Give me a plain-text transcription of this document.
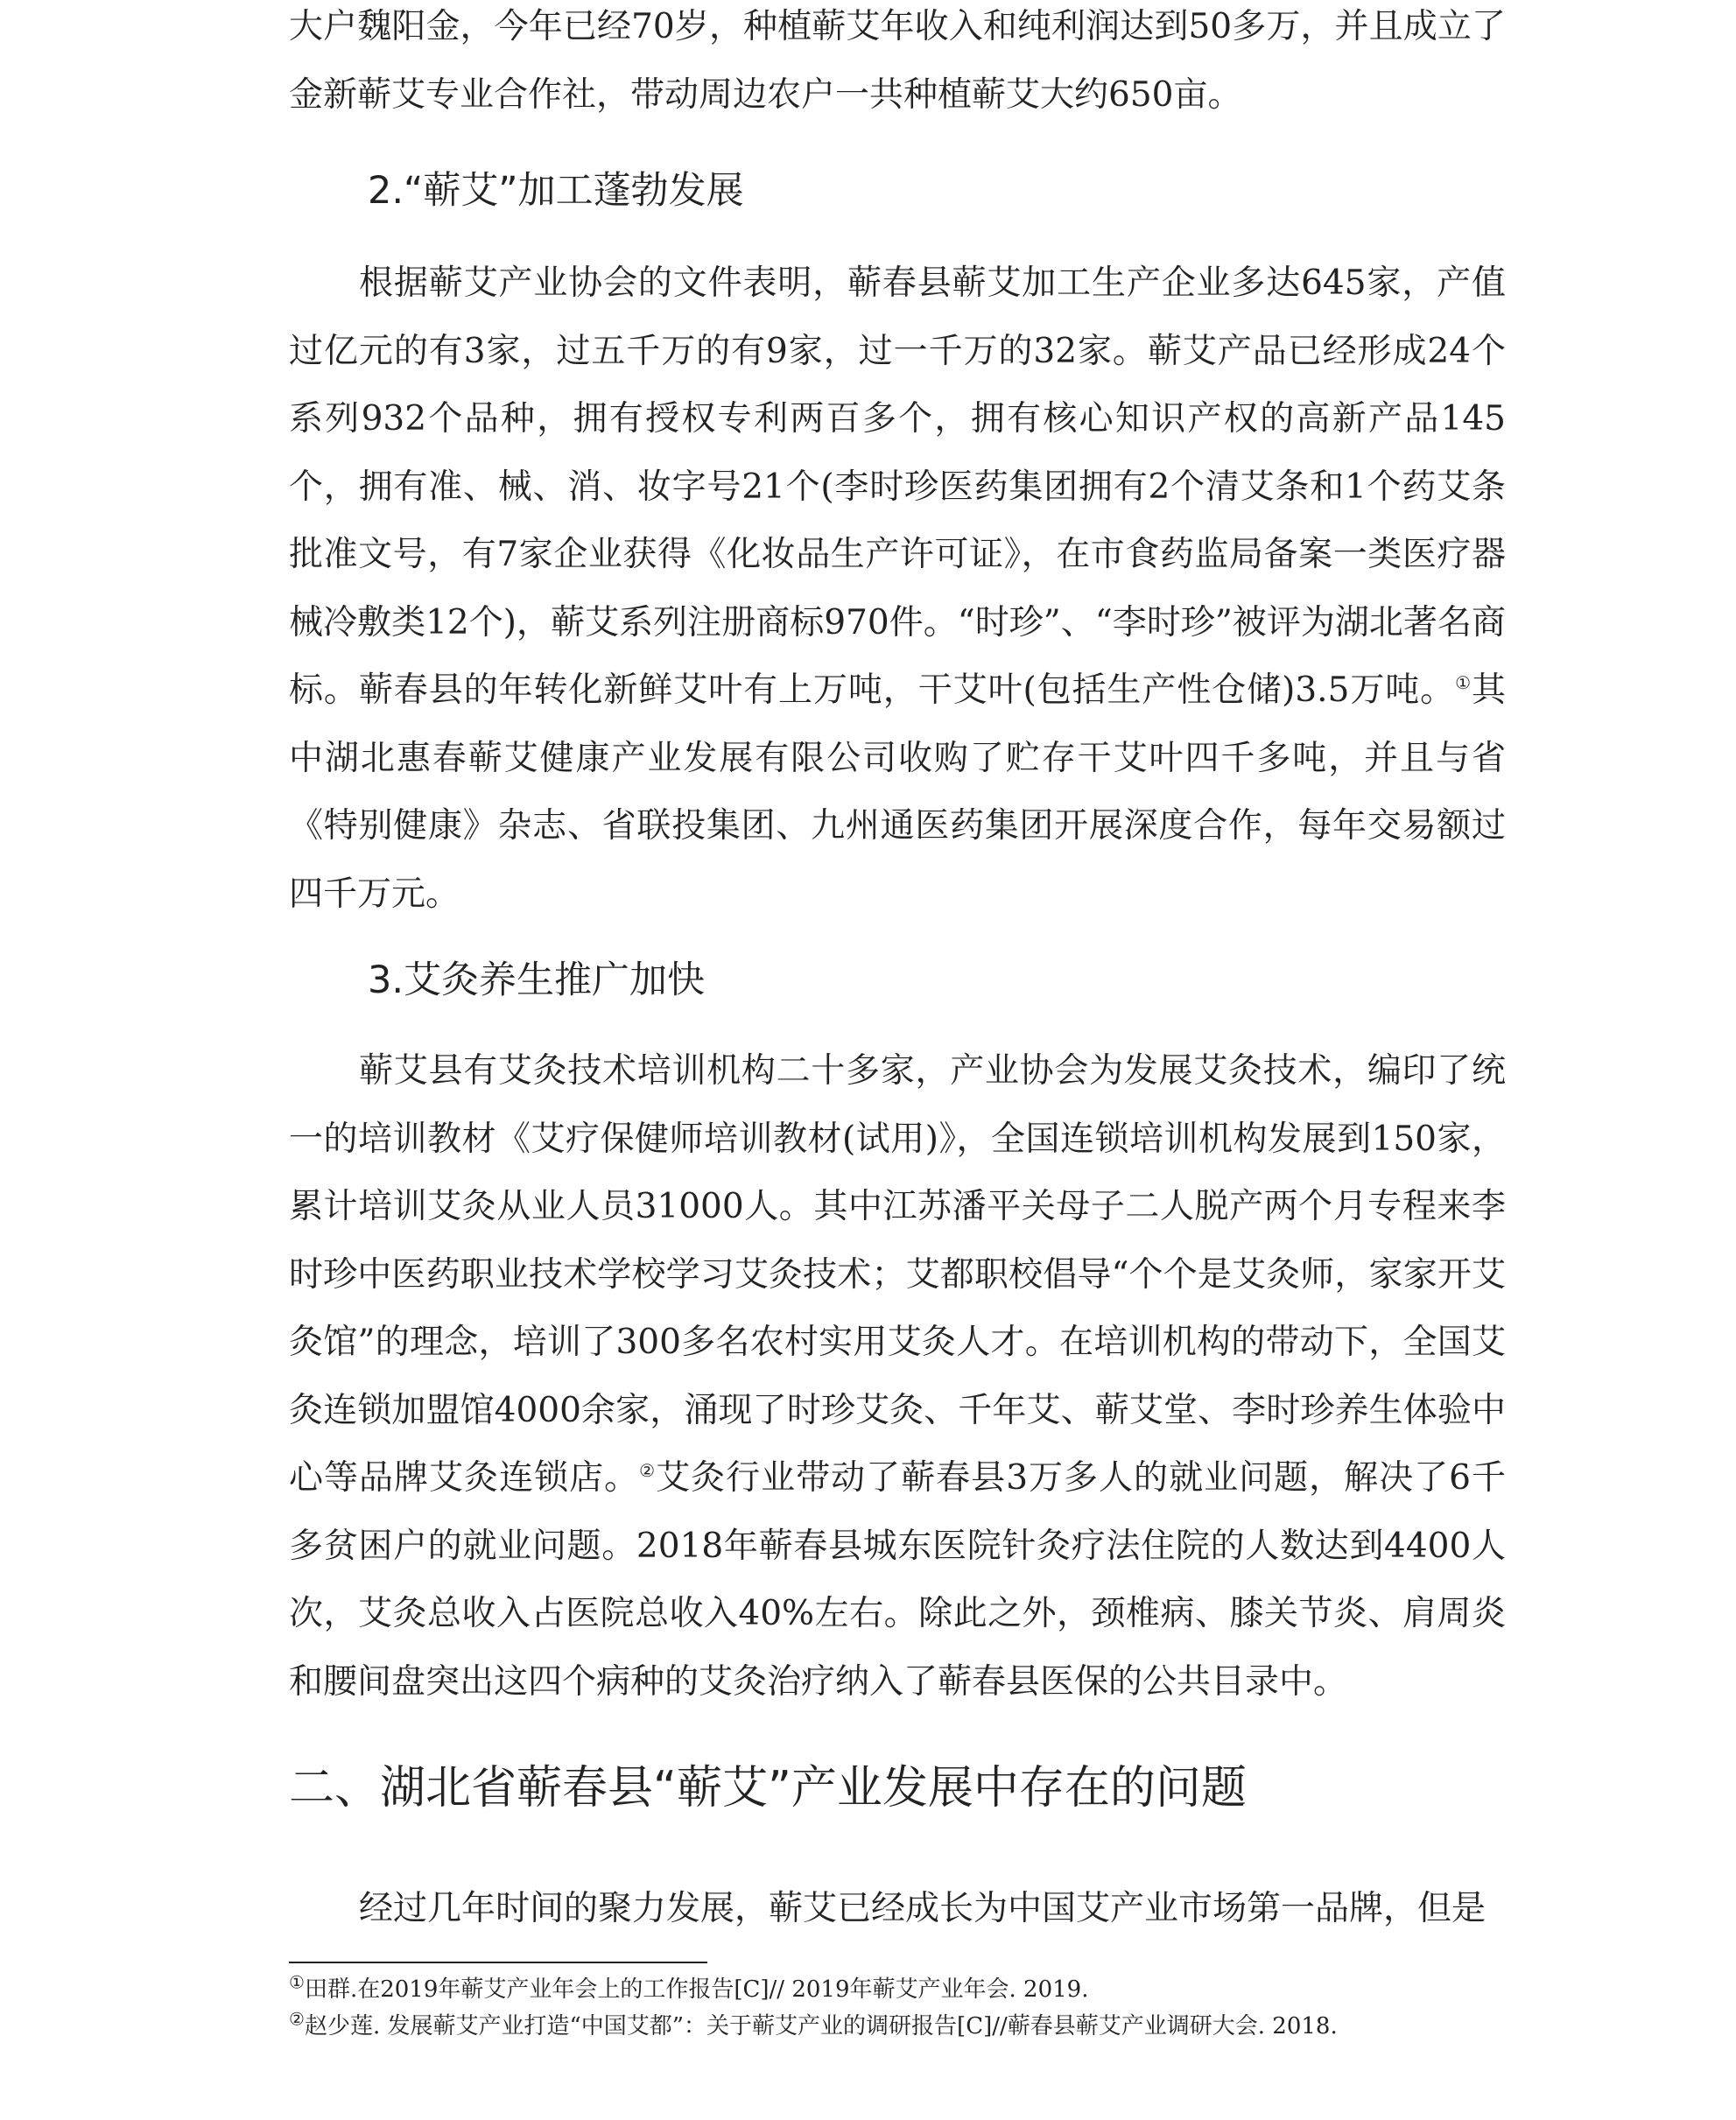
大户魏阳金，今年已经70岁，种植蕲艾年收入和纯利润达到50多万，并且成立了金新蕲艾专业合作社，带动周边农户一共种植蕲艾大约650亩。

2.“蕲艾”加工蓬勃发展

根据蕲艾产业协会的文件表明，蕲春县蕲艾加工生产企业多达645家，产值过亿元的有3家，过五千万的有9家，过一千万的32家。蕲艾产品已经形成24个系列932个品种，拥有授权专利两百多个，拥有核心知识产权的高新产品145个，拥有准、械、消、妆字号21个(李时珍医药集团拥有2个清艾条和1个药艾条批准文号，有7家企业获得《化妆品生产许可证》，在市食药监局备案一类医疗器械冷敷类12个)，蕲艾系列注册商标970件。“时珍”、“李时珍”被评为湖北著名商标。蕲春县的年转化新鲜艾叶有上万吨，干艾叶(包括生产性仓储)3.5万吨。①其中湖北惠春蕲艾健康产业发展有限公司收购了贮存干艾叶四千多吨，并且与省《特别健康》杂志、省联投集团、九州通医药集团开展深度合作，每年交易额过四千万元。

3.艾灸养生推广加快

蕲艾县有艾灸技术培训机构二十多家，产业协会为发展艾灸技术，编印了统一的培训教材《艾疗保健师培训教材(试用)》，全国连锁培训机构发展到150家，累计培训艾灸从业人员31000人。其中江苏潘平关母子二人脱产两个月专程来李时珍中医药职业技术学校学习艾灸技术；艾都职校倡导“个个是艾灸师，家家开艾灸馆”的理念，培训了300多名农村实用艾灸人才。在培训机构的带动下，全国艾灸连锁加盟馆4000余家，涌现了时珍艾灸、千年艾、蕲艾堂、李时珍养生体验中心等品牌艾灸连锁店。②艾灸行业带动了蕲春县3万多人的就业问题，解决了6千多贫困户的就业问题。2018年蕲春县城东医院针灸疗法住院的人数达到4400人次，艾灸总收入占医院总收入40%左右。除此之外，颈椎病、膝关节炎、肩周炎和腰间盘突出这四个病种的艾灸治疗纳入了蕲春县医保的公共目录中。

二、湖北省蕲春县“蕲艾”产业发展中存在的问题

经过几年时间的聚力发展，蕲艾已经成长为中国艾产业市场第一品牌，但是

①田群.在2019年蕲艾产业年会上的工作报告[C]// 2019年蕲艾产业年会. 2019.

②赵少莲. 发展蕲艾产业打造“中国艾都”：关于蕲艾产业的调研报告[C]//蕲春县蕲艾产业调研大会. 2018.
